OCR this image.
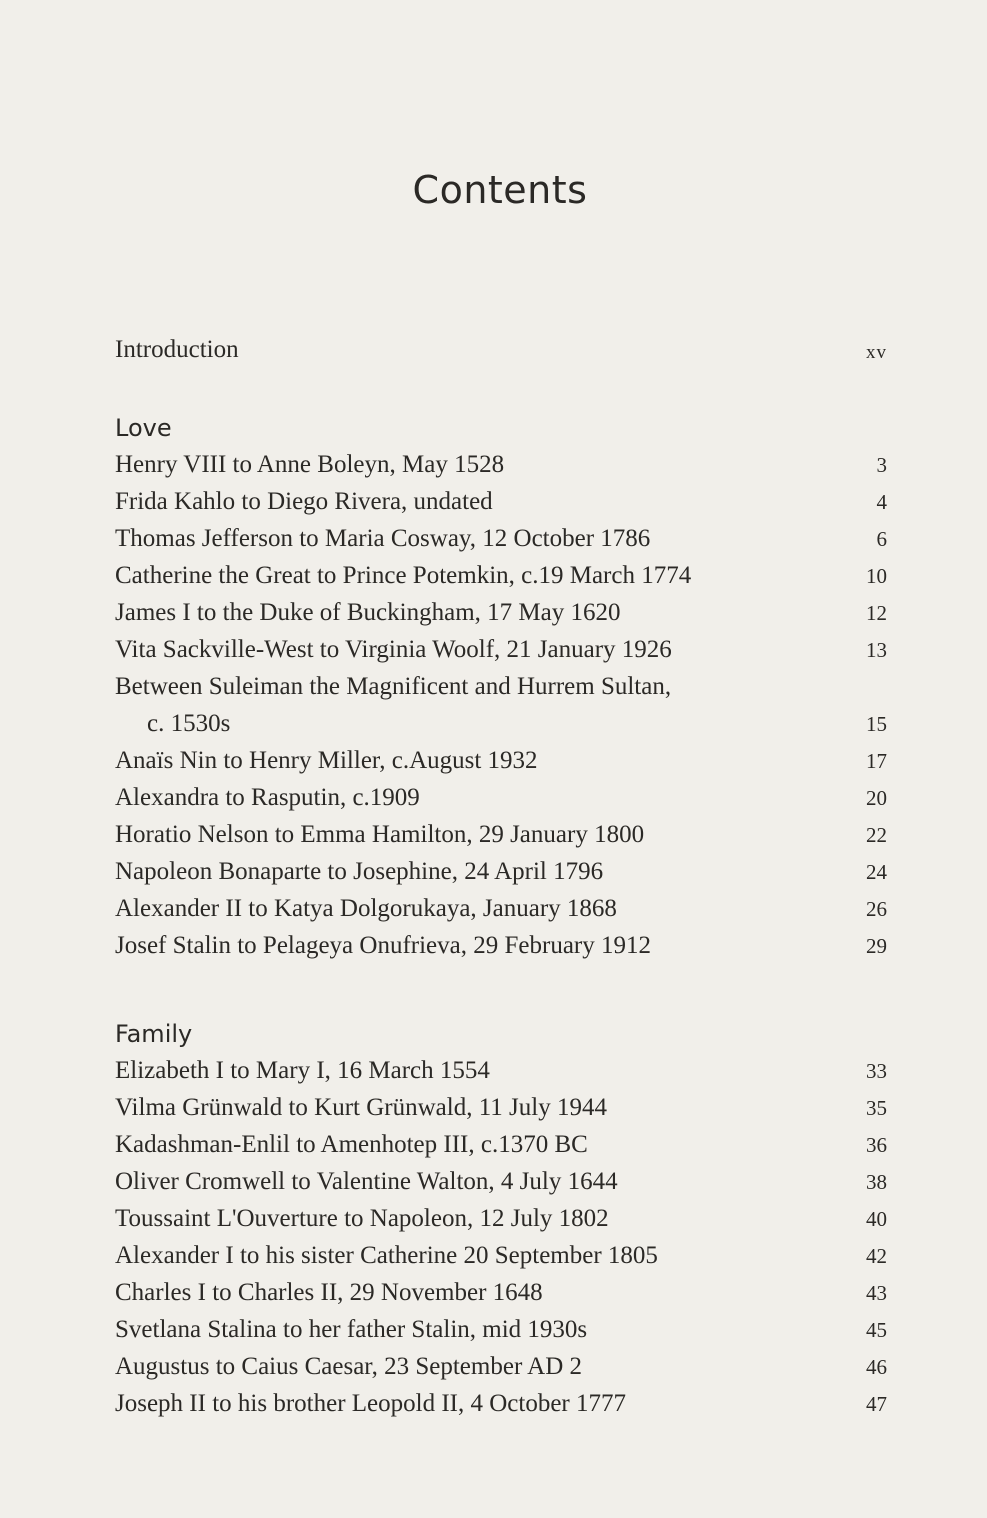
Contents
Introduction	xv
Love
Henry VIII to Anne Boleyn, May 1528	3
Frida Kahlo to Diego Rivera, undated	4
Thomas Jefferson to Maria Cosway, 12 October 1786	6
Catherine the Great to Prince Potemkin, c.19 March 1774	10
James I to the Duke of Buckingham, 17 May 1620	12
Vita Sackville-West to Virginia Woolf, 21 January 1926	13
Between Suleiman the Magnificent and Hurrem Sultan,
c. 1530s	15
Anaïs Nin to Henry Miller, c.August 1932	17
Alexandra to Rasputin, c.1909	20
Horatio Nelson to Emma Hamilton, 29 January 1800	22
Napoleon Bonaparte to Josephine, 24 April 1796	24
Alexander II to Katya Dolgorukaya, January 1868	26
Josef Stalin to Pelageya Onufrieva, 29 February 1912	29
Family
Elizabeth I to Mary I, 16 March 1554	33
Vilma Grünwald to Kurt Grünwald, 11 July 1944	35
Kadashman-Enlil to Amenhotep III, c.1370 BC	36
Oliver Cromwell to Valentine Walton, 4 July 1644	38
Toussaint L'Ouverture to Napoleon, 12 July 1802	40
Alexander I to his sister Catherine 20 September 1805	42
Charles I to Charles II, 29 November 1648	43
Svetlana Stalina to her father Stalin, mid 1930s	45
Augustus to Caius Caesar, 23 September AD 2	46
Joseph II to his brother Leopold II, 4 October 1777	47
